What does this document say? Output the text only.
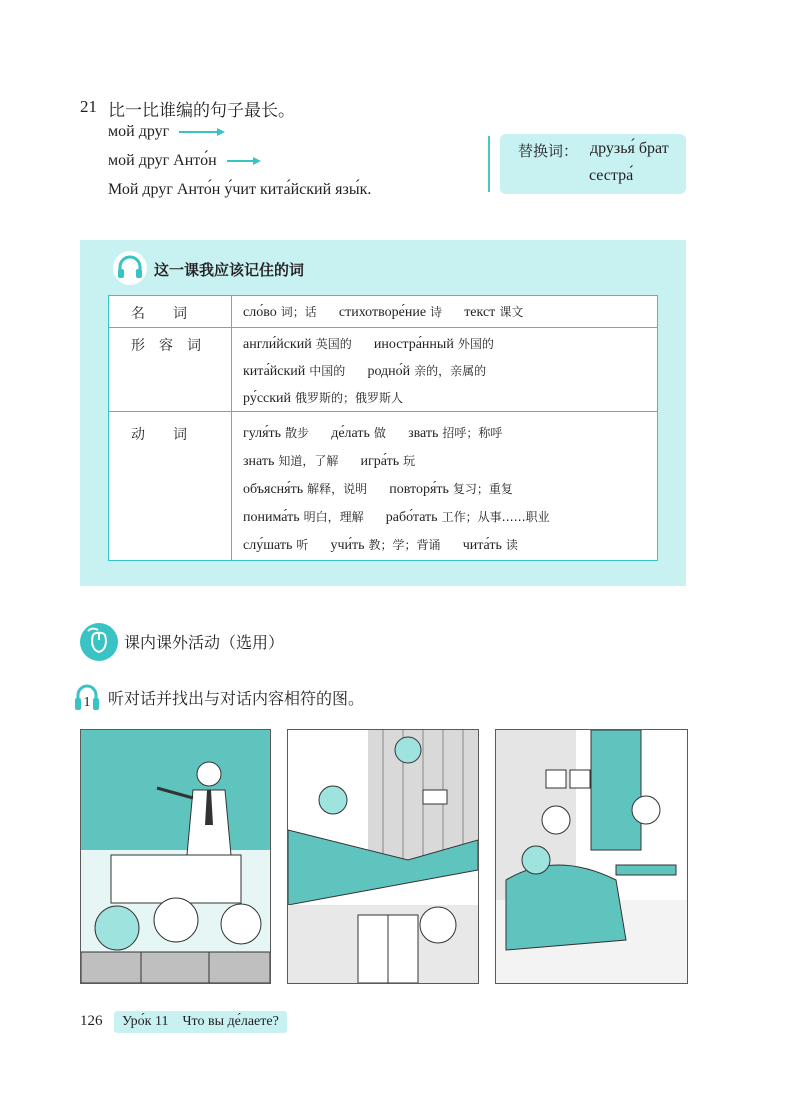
21 比一比谁编的句子最长。
мой друг
мой друг Анто́н
Мой друг Анто́н у́чит кита́йский язы́к.
替换词： друзья́ брат
сестра́
这一课我应该记住的词
名　　词
形　容　词
动　　词
сло́во 词；话 стихотворе́ние 诗 текст 课文
англи́йский 英国的 иностра́нный 外国的
кита́йский 中国的 родно́й 亲的，亲属的
ру́сский 俄罗斯的；俄罗斯人
гуля́ть 散步 де́лать 做 звать 招呼；称呼
знать 知道，了解 игра́ть 玩
объясня́ть 解释，说明 повторя́ть 复习；重复
понима́ть 明白，理解 рабо́тать 工作；从事……职业
слу́шать 听 учи́ть 教；学；背诵 чита́ть 读
课内课外活动（选用）
1 听对话并找出与对话内容相符的图。
126	Уро́к 11　Что вы де́лаете?
